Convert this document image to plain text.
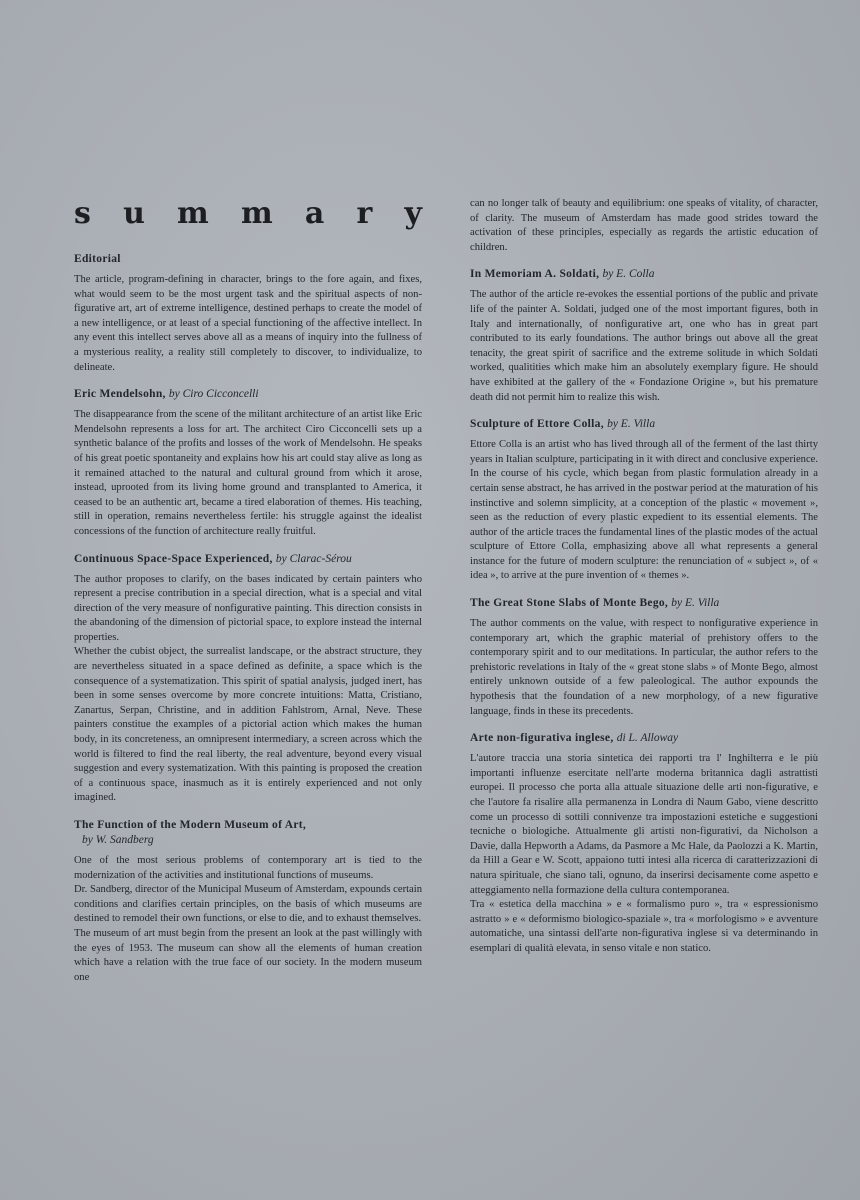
s u m m a r y
Editorial

The article, program-defining in character, brings to the fore again, and fixes, what would seem to be the most urgent task and the spiritual aspects of non-figurative art, art of extreme intelligence, destined perhaps to create the model of a new intelligence, or at least of a special functioning of the affective intellect. In any event this intellect serves above all as a means of inquiry into the fullness of a mysterious reality, a reality still completely to discover, to individualize, to delineate.

Eric Mendelsohn, by Ciro Cicconcelli

The disappearance from the scene of the militant architecture of an artist like Eric Mendelsohn represents a loss for art. The architect Ciro Cicconcelli sets up a synthetic balance of the profits and losses of the work of Mendelsohn. He speaks of his great poetic spontaneity and explains how his art could stay alive as long as it remained attached to the natural and cultural ground from which it arose, instead, uprooted from its living home ground and transplanted to America, it ceased to be an authentic art, became a tired elaboration of themes. His teaching, still in operation, remains nevertheless fertile: his struggle against the idealist concessions of the function of architecture really fruitful.

Continuous Space-Space Experienced, by Clarac-Sérou

The author proposes to clarify, on the bases indicated by certain painters who represent a precise contribution in a special direction, what is a special and vital direction of the very measure of nonfigurative painting. This direction consists in the abandoning of the dimension of pictorial space, to explore instead the internal properties.

Whether the cubist object, the surrealist landscape, or the abstract structure, they are nevertheless situated in a space defined as definite, a space which is the consequence of a systematization. This spirit of spatial analysis, judged inert, has been in some senses overcome by more concrete intuitions: Matta, Cristiano, Zanartus, Serpan, Christine, and in addition Fahlstrom, Arnal, Neve. These painters constitue the examples of a pictorial action which makes the human body, in its concreteness, an omnipresent intermediary, a screen across which the world is filtered to find the real liberty, the real adventure, beyond every visual suggestion and every systematization. With this painting is proposed the creation of a continuous space, inasmuch as it is entirely experienced and not only imagined.

The Function of the Modern Museum of Art,
by W. Sandberg

One of the most serious problems of contemporary art is tied to the modernization of the activities and institutional functions of museums.

Dr. Sandberg, director of the Municipal Museum of Amsterdam, expounds certain conditions and clarifies certain principles, on the basis of which museums are destined to remodel their own functions, or else to die, and to exhaust themselves.

The museum of art must begin from the present an look at the past willingly with the eyes of 1953. The museum can show all the elements of human creation which have a relation with the true face of our society. In the modern museum one

can no longer talk of beauty and equilibrium: one speaks of vitality, of character, of clarity. The museum of Amsterdam has made good strides toward the activation of these principles, especially as regards the artistic education of children.

In Memoriam A. Soldati, by E. Colla

The author of the article re-evokes the essential portions of the public and private life of the painter A. Soldati, judged one of the most important figures, both in Italy and internationally, of nonfigurative art, one who has in great part contributed to its early foundations. The author brings out above all the great tenacity, the great spirit of sacrifice and the extreme solitude in which Soldati worked, qualitities which make him an absolutely exemplary figure. He should have exhibited at the gallery of the « Fondazione Origine », but his premature death did not permit him to realize this wish.

Sculpture of Ettore Colla, by E. Villa

Ettore Colla is an artist who has lived through all of the ferment of the last thirty years in Italian sculpture, participating in it with direct and conclusive experience. In the course of his cycle, which began from plastic formulation already in a certain sense abstract, he has arrived in the postwar period at the maturation of his instinctive and solemn simplicity, at a conception of the plastic « movement », seen as the reduction of every plastic expedient to its essential elements. The author of the article traces the fundamental lines of the plastic modes of the actual sculpture of Ettore Colla, emphasizing above all what represents a general instance for the future of modern sculpture: the renunciation of « subject », of « idea », to arrive at the pure invention of « themes ».

The Great Stone Slabs of Monte Bego, by E. Villa

The author comments on the value, with respect to nonfigurative experience in contemporary art, which the graphic material of prehistory offers to the contemporary spirit and to our meditations. In particular, the author refers to the prehistoric revelations in Italy of the « great stone slabs » of Monte Bego, almost entirely unknown outside of a few paleological. The author expounds the hypothesis that the foundation of a new morphology, of a new figurative language, finds in these its precedents.

Arte non-figurativa inglese, di L. Alloway

L'autore traccia una storia sintetica dei rapporti tra l' Inghilterra e le più importanti influenze esercitate nell'arte moderna britannica dagli astrattisti europei. Il processo che porta alla attuale situazione delle arti non-figurative, e che l'autore fa risalire alla permanenza in Londra di Naum Gabo, viene descritto come un processo di sottili connivenze tra impostazioni estetiche e suggestioni tecniche o biologiche. Attualmente gli artisti non-figurativi, da Nicholson a Davie, dalla Hepworth a Adams, da Pasmore a Mc Hale, da Paolozzi a K. Martin, da Hill a Gear e W. Scott, appaiono tutti intesi alla ricerca di caratterizzazioni di natura spirituale, che siano tali, ognuno, da inserirsi decisamente come aspetto e atteggiamento nella formazione della cultura contemporanea.

Tra « estetica della macchina » e « formalismo puro », tra « espressionismo astratto » e « deformismo biologico-spaziale », tra « morfologismo » e avventure automatiche, una sintassi dell'arte non-figurativa inglese si va determinando in esemplari di qualità elevata, in senso vitale e non statico.
